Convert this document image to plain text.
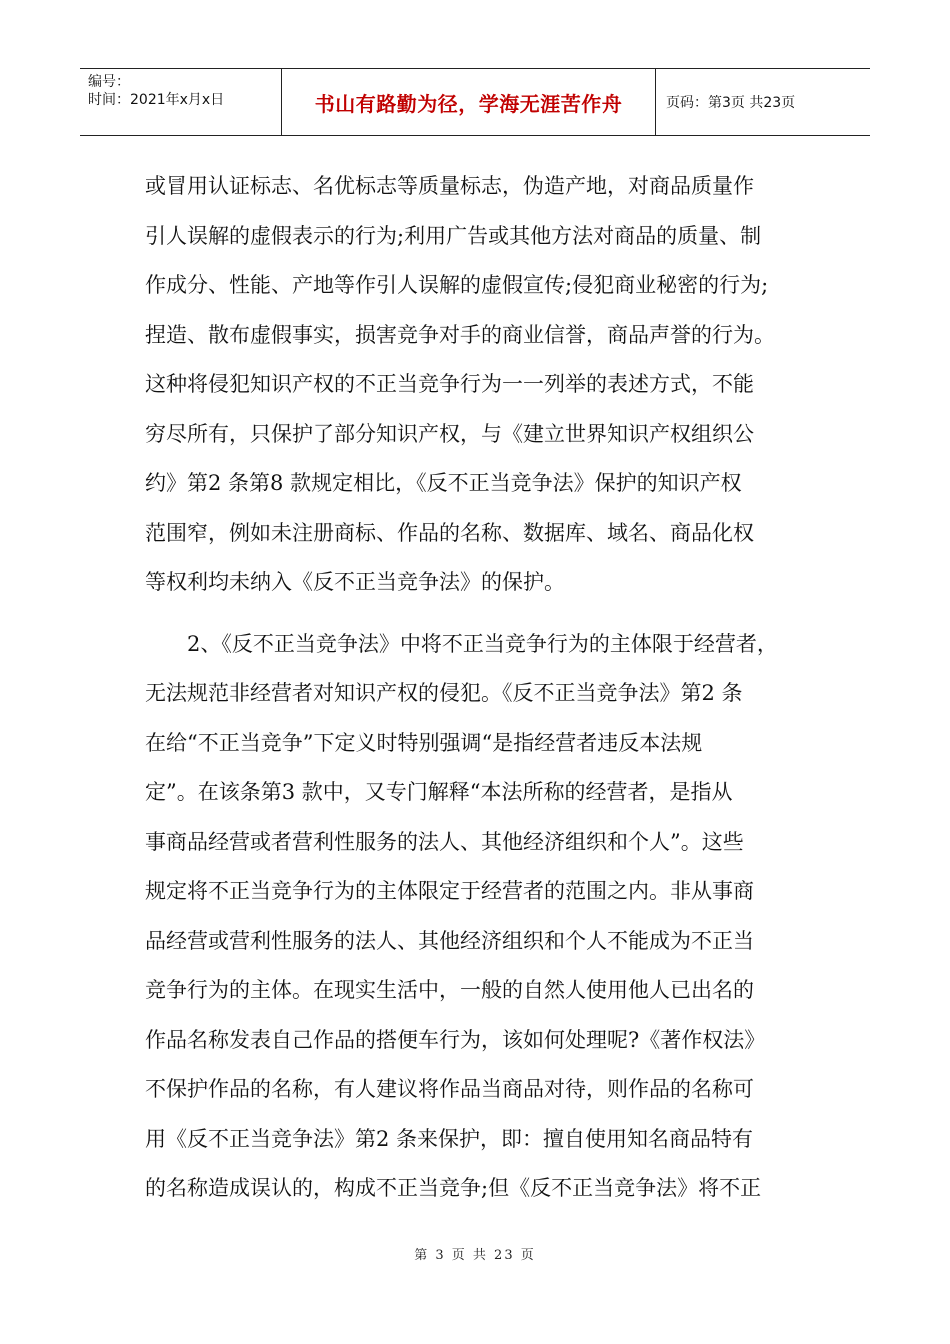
编号：
时间：2021年x月x日	书山有路勤为径，学海无涯苦作舟	页码：第3页 共23页
或冒用认证标志、名优标志等质量标志，伪造产地，对商品质量作
引人误解的虚假表示的行为;利用广告或其他方法对商品的质量、制
作成分、性能、产地等作引人误解的虚假宣传;侵犯商业秘密的行为;
捏造、散布虚假事实，损害竞争对手的商业信誉，商品声誉的行为。
这种将侵犯知识产权的不正当竞争行为一一列举的表述方式，不能
穷尽所有，只保护了部分知识产权，与《建立世界知识产权组织公
约》第2 条第8 款规定相比，《反不正当竞争法》保护的知识产权
范围窄，例如未注册商标、作品的名称、数据库、域名、商品化权
等权利均未纳入《反不正当竞争法》的保护。
2、《反不正当竞争法》中将不正当竞争行为的主体限于经营者，
无法规范非经营者对知识产权的侵犯。《反不正当竞争法》第2 条
在给“不正当竞争”下定义时特别强调“是指经营者违反本法规
定”。在该条第3 款中，又专门解释“本法所称的经营者，是指从
事商品经营或者营利性服务的法人、其他经济组织和个人”。这些
规定将不正当竞争行为的主体限定于经营者的范围之内。非从事商
品经营或营利性服务的法人、其他经济组织和个人不能成为不正当
竞争行为的主体。在现实生活中，一般的自然人使用他人已出名的
作品名称发表自己作品的搭便车行为，该如何处理呢?《著作权法》
不保护作品的名称，有人建议将作品当商品对待，则作品的名称可
用《反不正当竞争法》第2 条来保护，即：擅自使用知名商品特有
的名称造成误认的，构成不正当竞争;但《反不正当竞争法》将不正
第 3 页 共 23 页
